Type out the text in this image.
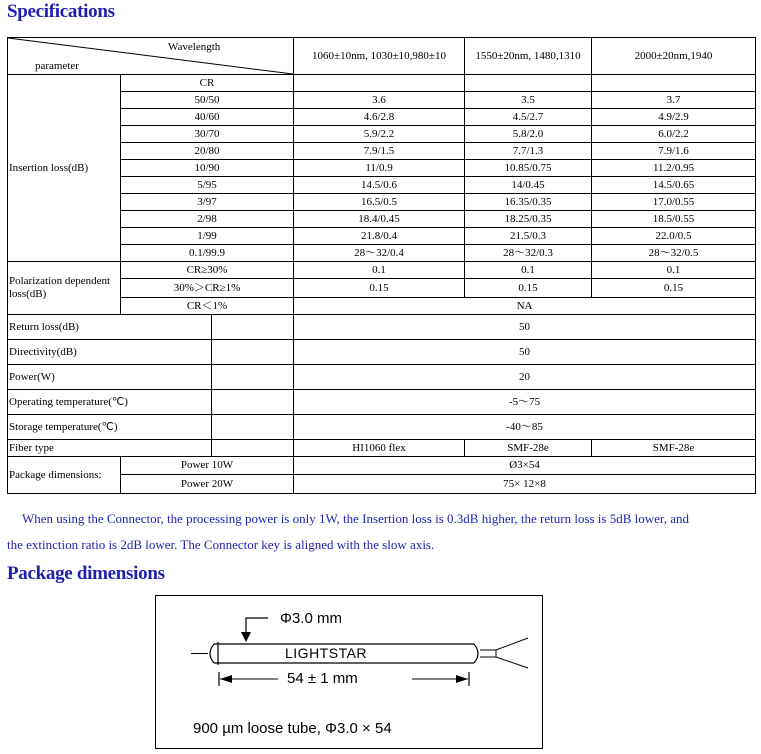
Specifications
Wavelength
parameter			1060±10nm, 1030±10,980±10	1550±20nm, 1480,1310	2000±20nm,1940
Insertion loss(dB)	CR				
	50/50		3.6	3.5	3.7
	40/60		4.6/2.8	4.5/2.7	4.9/2.9
	30/70		5.9/2.2	5.8/2.0	6.0/2.2
	20/80		7.9/1.5	7.7/1.3	7.9/1.6
	10/90		11/0.9	10.85/0.75	11.2/0.95
	5/95		14.5/0.6	14/0.45	14.5/0.65
	3/97		16.5/0.5	16.35/0.35	17.0/0.55
	2/98		18.4/0.45	18.25/0.35	18.5/0.55
	1/99		21.8/0.4	21.5/0.3	22.0/0.5
	0.1/99.9		28～32/0.4	28～32/0.3	28～32/0.5
Polarization dependent loss(dB)	CR≥30%		0.1	0.1	0.1
	30%＞CR≥1%		0.15	0.15	0.15
	CR＜1%		NA		
Return loss(dB)			50		
Directivity(dB)			50		
Power(W)			20		
Operating temperature(℃)			-5～75		
Storage temperature(℃)			-40～85		
Fiber type			HI1060 flex	SMF-28e	SMF-28e
Package dimensions:	Power 10W		Ø3×54		
	Power 20W		75× 12×8		
When using the Connector, the processing power is only 1W, the Insertion loss is 0.3dB higher, the return loss is 5dB lower, and
the extinction ratio is 2dB lower. The Connector key is aligned with the slow axis.
Package dimensions
Φ3.0 mm
LIGHTSTAR
54 ± 1 mm
900 µm loose tube, Φ3.0 × 54
